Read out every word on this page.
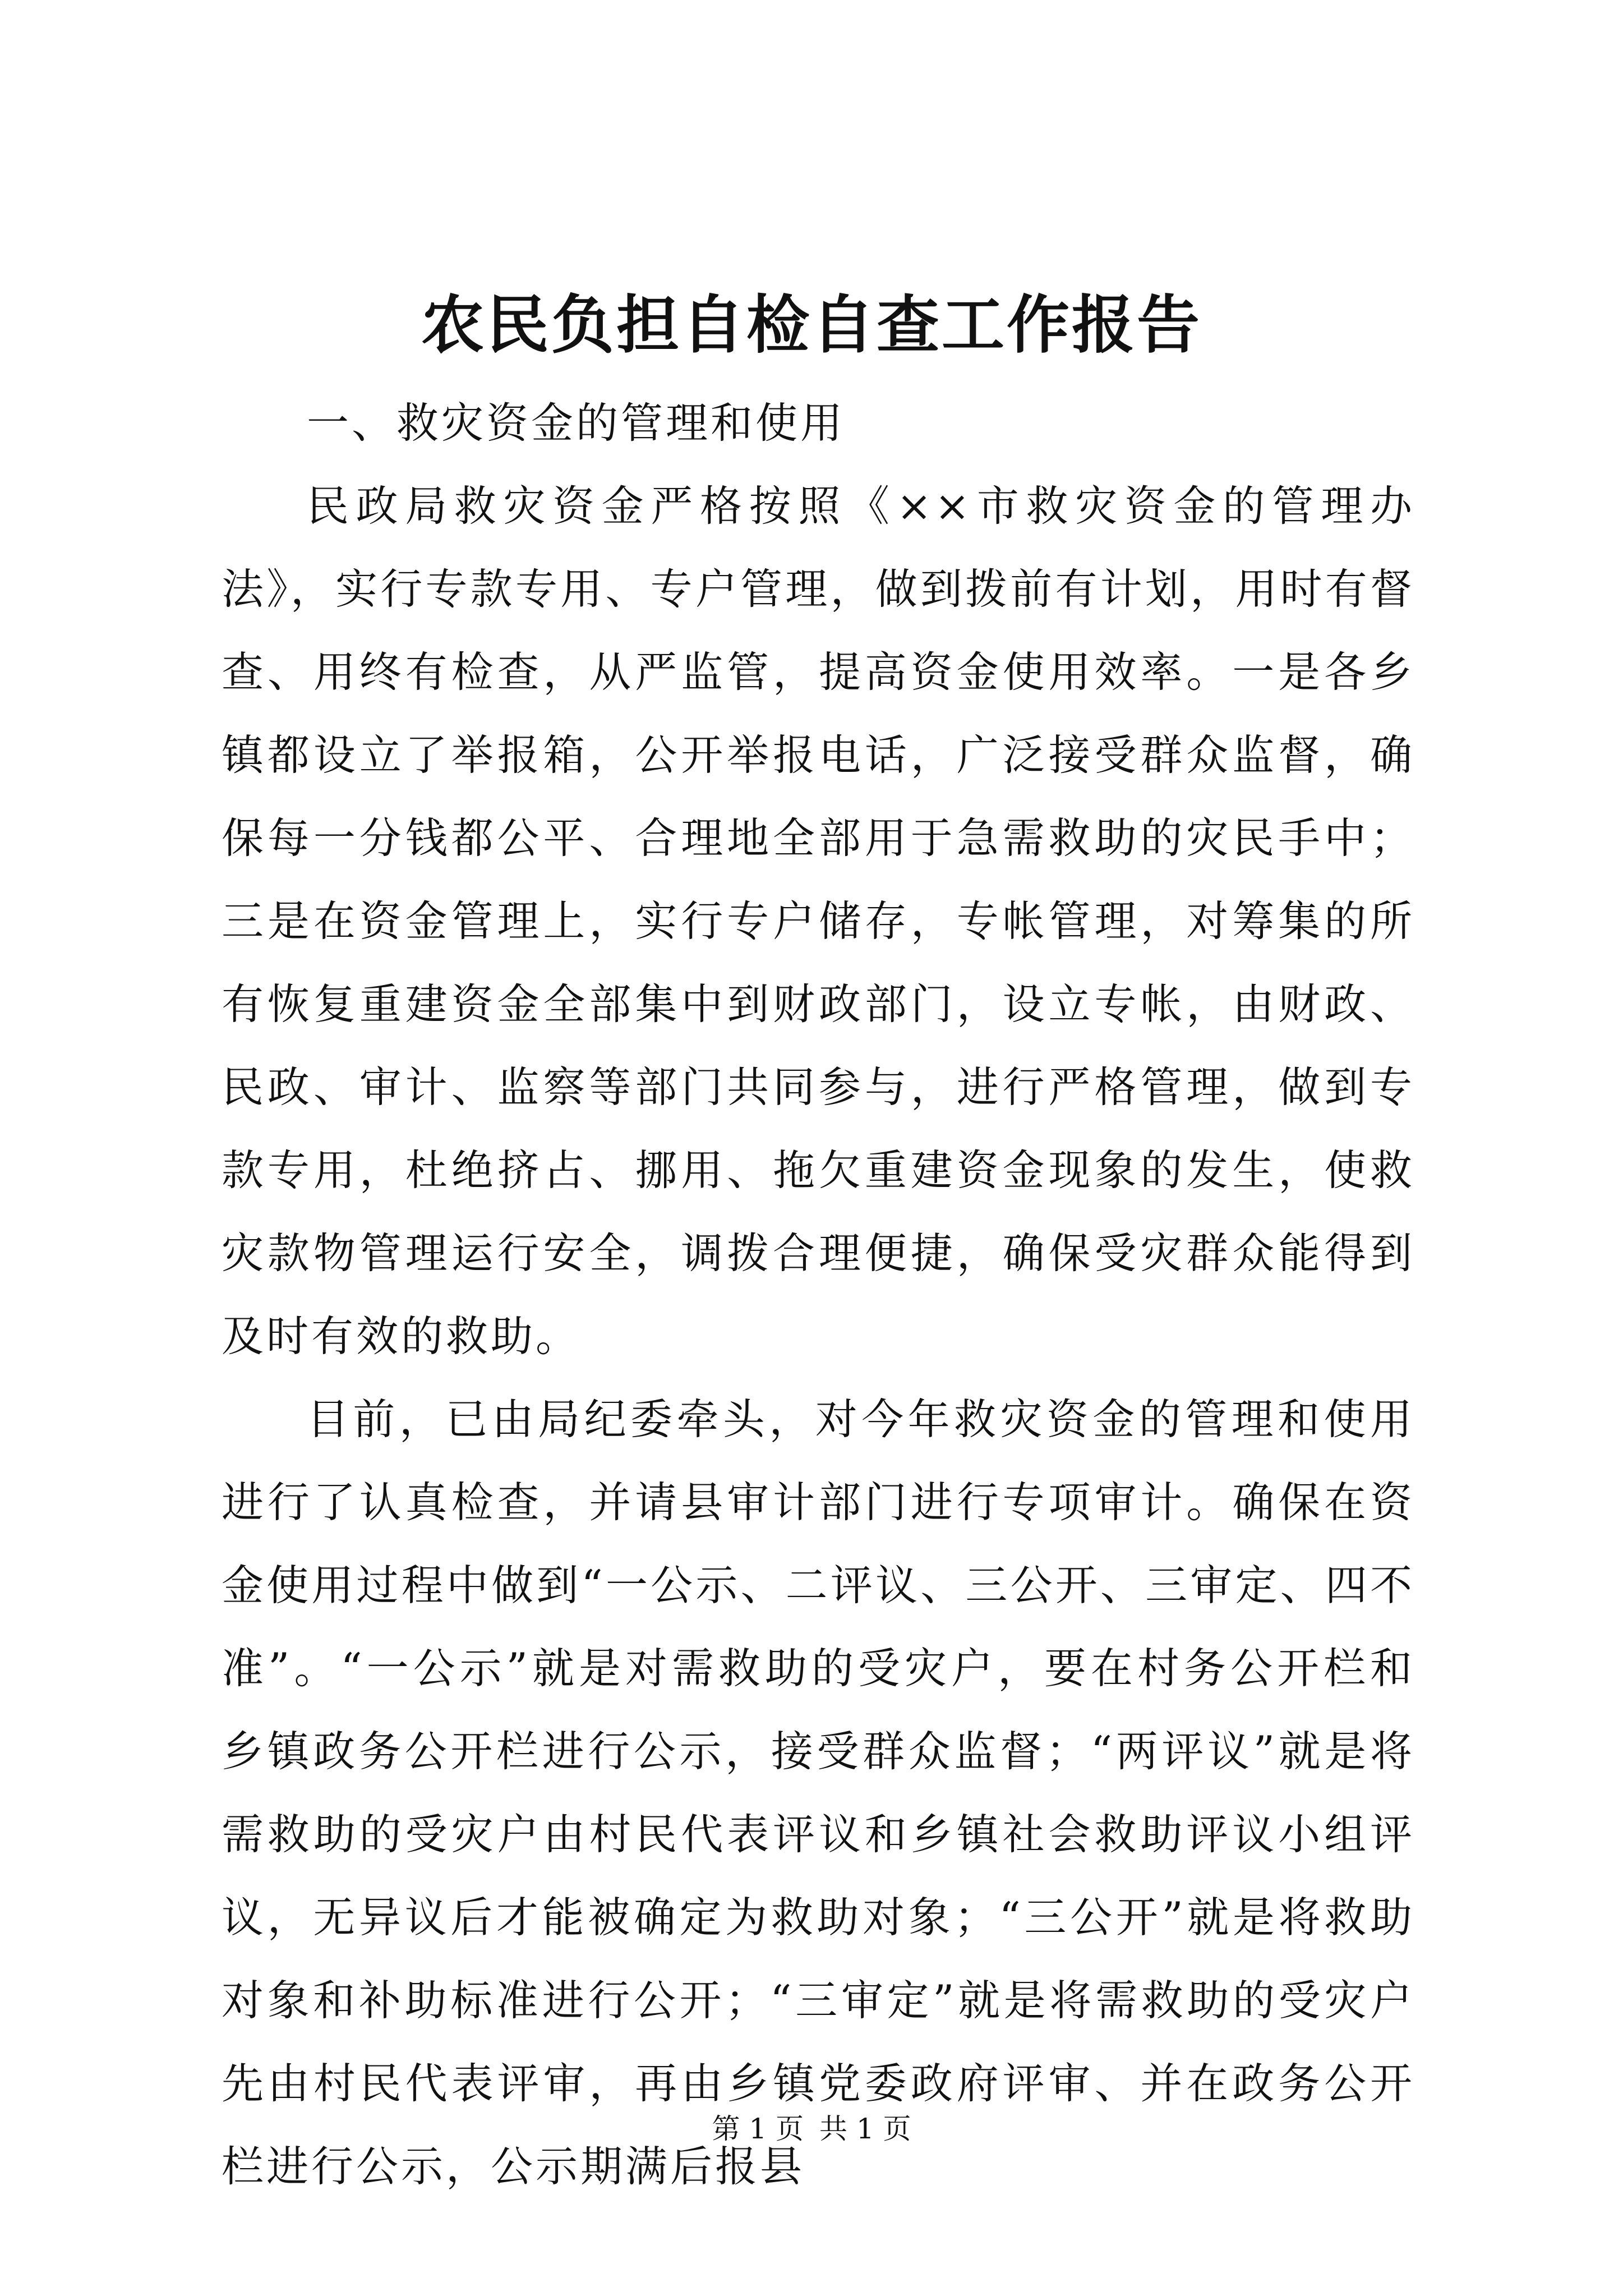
农民负担自检自查工作报告

一、救灾资金的管理和使用

民政局救灾资金严格按照《××市救灾资金的管理办法》，实行专款专用、专户管理，做到拨前有计划，用时有督查、用终有检查，从严监管，提高资金使用效率。一是各乡镇都设立了举报箱，公开举报电话，广泛接受群众监督，确保每一分钱都公平、合理地全部用于急需救助的灾民手中；三是在资金管理上，实行专户储存，专帐管理，对筹集的所有恢复重建资金全部集中到财政部门，设立专帐，由财政、民政、审计、监察等部门共同参与，进行严格管理，做到专款专用，杜绝挤占、挪用、拖欠重建资金现象的发生，使救灾款物管理运行安全，调拨合理便捷，确保受灾群众能得到及时有效的救助。

目前，已由局纪委牵头，对今年救灾资金的管理和使用进行了认真检查，并请县审计部门进行专项审计。确保在资金使用过程中做到“一公示、二评议、三公开、三审定、四不准”。“一公示”就是对需救助的受灾户，要在村务公开栏和乡镇政务公开栏进行公示，接受群众监督；“两评议”就是将需救助的受灾户由村民代表评议和乡镇社会救助评议小组评议，无异议后才能被确定为救助对象；“三公开”就是将救助对象和补助标准进行公开；“三审定”就是将需救助的受灾户先由村民代表评审，再由乡镇党委政府评审、并在政务公开栏进行公示，公示期满后报县

第 1 页 共 1 页
